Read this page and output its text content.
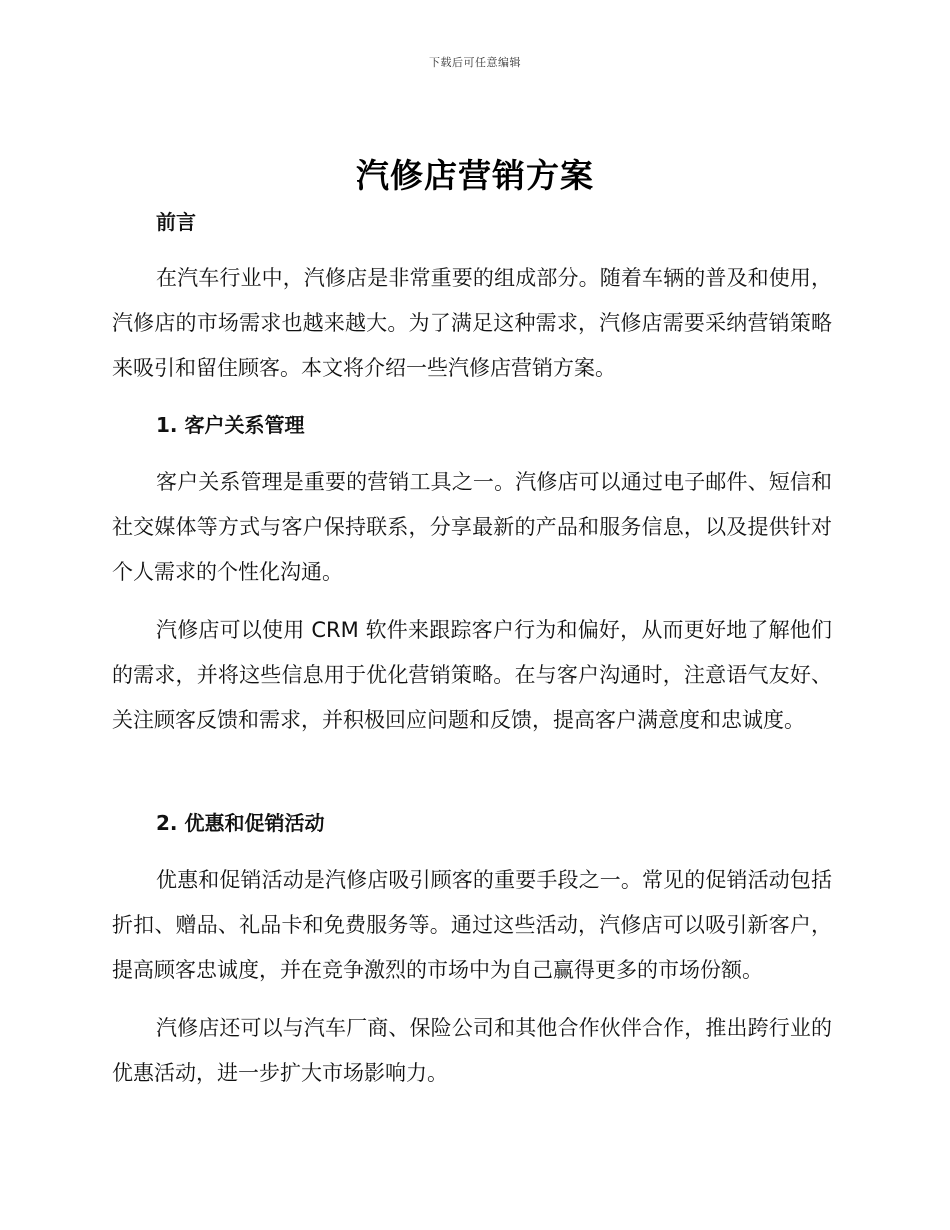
下载后可任意编辑
汽修店营销方案
前言

在汽车行业中，汽修店是非常重要的组成部分。随着车辆的普及和使用，汽修店的市场需求也越来越大。为了满足这种需求，汽修店需要采纳营销策略来吸引和留住顾客。本文将介绍一些汽修店营销方案。

1. 客户关系管理

客户关系管理是重要的营销工具之一。汽修店可以通过电子邮件、短信和社交媒体等方式与客户保持联系，分享最新的产品和服务信息，以及提供针对个人需求的个性化沟通。

汽修店可以使用 CRM 软件来跟踪客户行为和偏好，从而更好地了解他们的需求，并将这些信息用于优化营销策略。在与客户沟通时，注意语气友好、关注顾客反馈和需求，并积极回应问题和反馈，提高客户满意度和忠诚度。

2. 优惠和促销活动

优惠和促销活动是汽修店吸引顾客的重要手段之一。常见的促销活动包括折扣、赠品、礼品卡和免费服务等。通过这些活动，汽修店可以吸引新客户，提高顾客忠诚度，并在竞争激烈的市场中为自己赢得更多的市场份额。

汽修店还可以与汽车厂商、保险公司和其他合作伙伴合作，推出跨行业的优惠活动，进一步扩大市场影响力。
